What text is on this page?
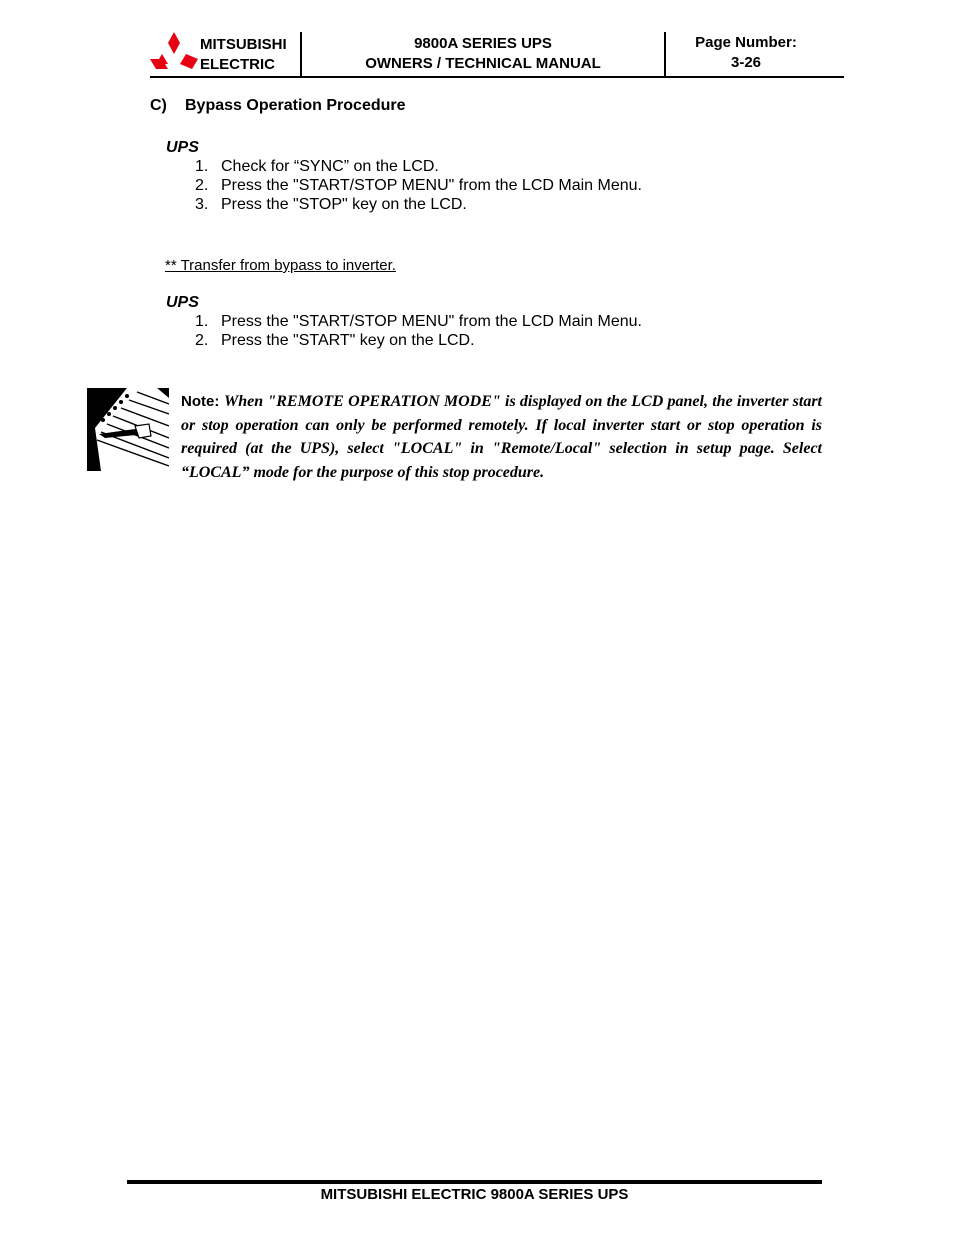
MITSUBISHI
ELECTRIC
9800A SERIES UPS
OWNERS / TECHNICAL MANUAL
Page Number:
3-26
C) Bypass Operation Procedure
UPS
1. Check for “SYNC” on the LCD.
2. Press the "START/STOP MENU" from the LCD Main Menu.
3. Press the "STOP" key on the LCD.
** Transfer from bypass to inverter.
UPS
1. Press the "START/STOP MENU" from the LCD Main Menu.
2. Press the "START" key on the LCD.
Note: When "REMOTE OPERATION MODE" is displayed on the LCD panel, the inverter start or stop operation can only be performed remotely. If local inverter start or stop operation is required (at the UPS), select "LOCAL" in "Remote/Local" selection in setup page. Select “LOCAL” mode for the purpose of this stop procedure.
MITSUBISHI ELECTRIC 9800A SERIES UPS
